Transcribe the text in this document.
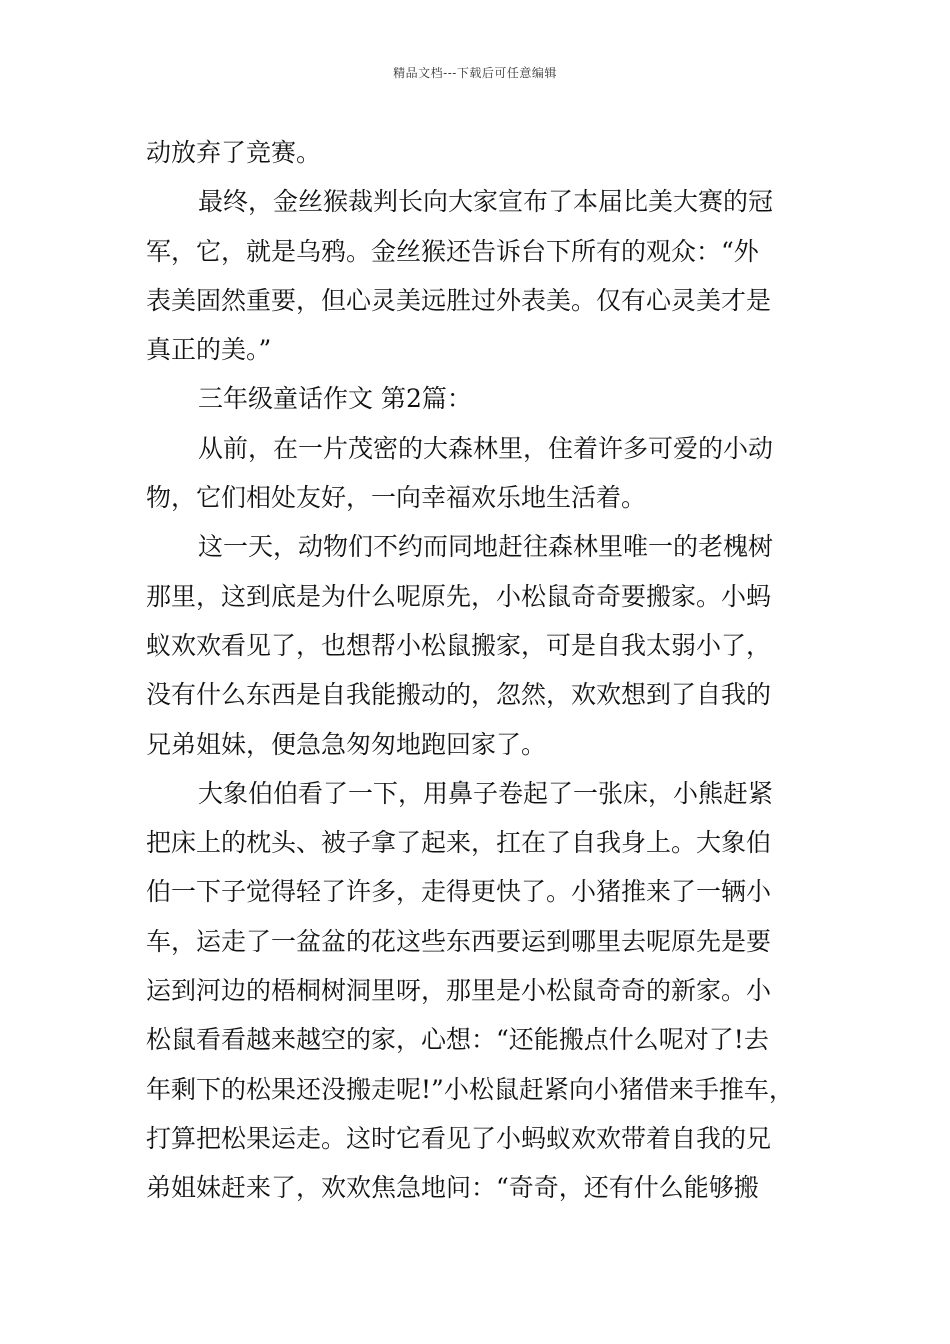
精品文档---下载后可任意编辑
动放弃了竞赛。
最终，金丝猴裁判长向大家宣布了本届比美大赛的冠
军，它，就是乌鸦。金丝猴还告诉台下所有的观众：“外
表美固然重要，但心灵美远胜过外表美。仅有心灵美才是
真正的美。”
三年级童话作文 第2篇：
从前，在一片茂密的大森林里，住着许多可爱的小动
物，它们相处友好，一向幸福欢乐地生活着。
这一天，动物们不约而同地赶往森林里唯一的老槐树
那里，这到底是为什么呢原先，小松鼠奇奇要搬家。小蚂
蚁欢欢看见了，也想帮小松鼠搬家，可是自我太弱小了，
没有什么东西是自我能搬动的，忽然，欢欢想到了自我的
兄弟姐妹，便急急匆匆地跑回家了。
大象伯伯看了一下，用鼻子卷起了一张床，小熊赶紧
把床上的枕头、被子拿了起来，扛在了自我身上。大象伯
伯一下子觉得轻了许多，走得更快了。小猪推来了一辆小
车，运走了一盆盆的花这些东西要运到哪里去呢原先是要
运到河边的梧桐树洞里呀，那里是小松鼠奇奇的新家。小
松鼠看看越来越空的家，心想：“还能搬点什么呢对了!去
年剩下的松果还没搬走呢!”小松鼠赶紧向小猪借来手推车，
打算把松果运走。这时它看见了小蚂蚁欢欢带着自我的兄
弟姐妹赶来了，欢欢焦急地问：“奇奇，还有什么能够搬
